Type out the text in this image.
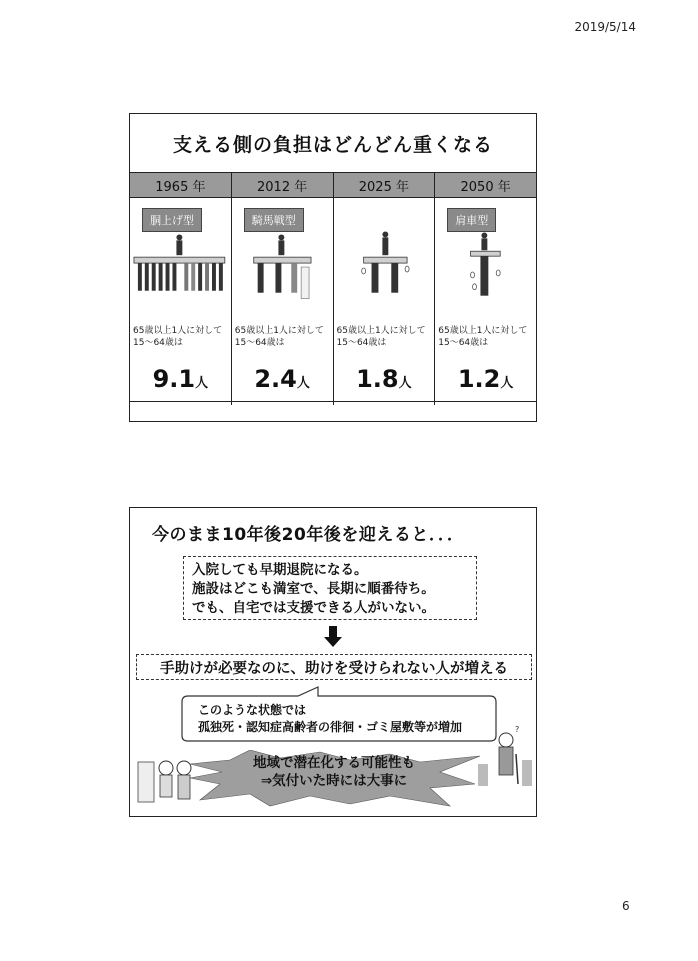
2019/5/14
支える側の負担はどんどん重くなる
1965 年
胴上げ型
65歳以上1人に対して
15〜64歳は
9.1人
2012 年
騎馬戦型
65歳以上1人に対して
15〜64歳は
2.4人
2025 年
65歳以上1人に対して
15〜64歳は
1.8人
2050 年
肩車型
65歳以上1人に対して
15〜64歳は
1.2人
今のまま10年後20年後を迎えると．．．
入院しても早期退院になる。
施設はどこも満室で、長期に順番待ち。
でも、自宅では支援できる人がいない。
手助けが必要なのに、助けを受けられない人が増える
このような状態では
孤独死・認知症高齢者の徘徊・ゴミ屋敷等が増加
地域で潜在化する可能性も
⇒気付いた時には大事に
?
6
